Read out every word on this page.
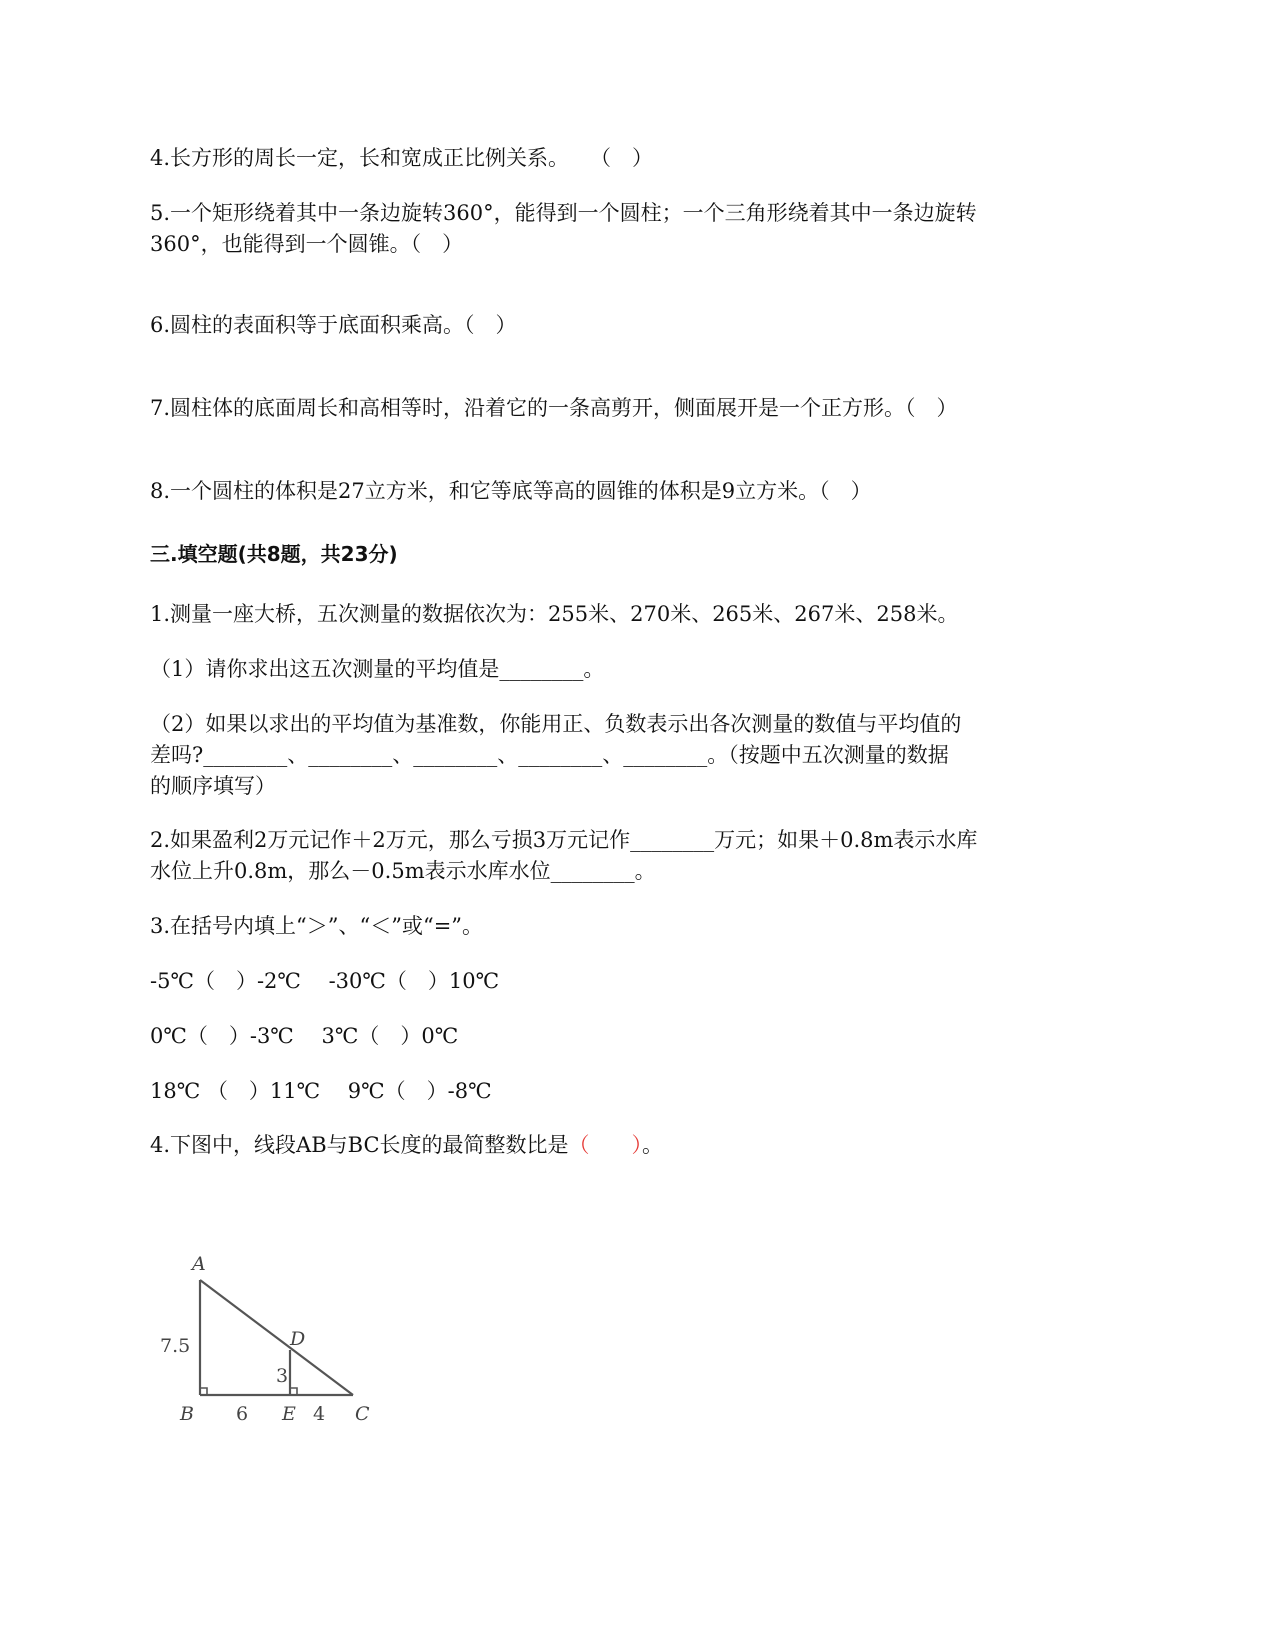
4.长方形的周长一定，长和宽成正比例关系。　　（　）
5.一个矩形绕着其中一条边旋转360°，能得到一个圆柱；一个三角形绕着其中一条边旋转
360°，也能得到一个圆锥。（　）
6.圆柱的表面积等于底面积乘高。（　）
7.圆柱体的底面周长和高相等时，沿着它的一条高剪开，侧面展开是一个正方形。（　）
8.一个圆柱的体积是27立方米，和它等底等高的圆锥的体积是9立方米。（　）
三.填空题(共8题，共23分)
1.测量一座大桥，五次测量的数据依次为：255米、270米、265米、267米、258米。
（1）请你求出这五次测量的平均值是________。
（2）如果以求出的平均值为基准数，你能用正、负数表示出各次测量的数值与平均值的
差吗?________、________、________、________、________。（按题中五次测量的数据
的顺序填写）
2.如果盈利2万元记作＋2万元，那么亏损3万元记作________万元；如果＋0.8m表示水库
水位上升0.8m，那么－0.5m表示水库水位________。
3.在括号内填上“＞”、“＜”或“=”。
-5℃（　）-2℃　 -30℃（　）10℃
0℃（　）-3℃　 3℃（　）0℃
18℃ （　）11℃　 9℃（　）-8℃
4.下图中，线段AB与BC长度的最简整数比是（　　）。
A
B	C
D
E
7.5
3
6	4
